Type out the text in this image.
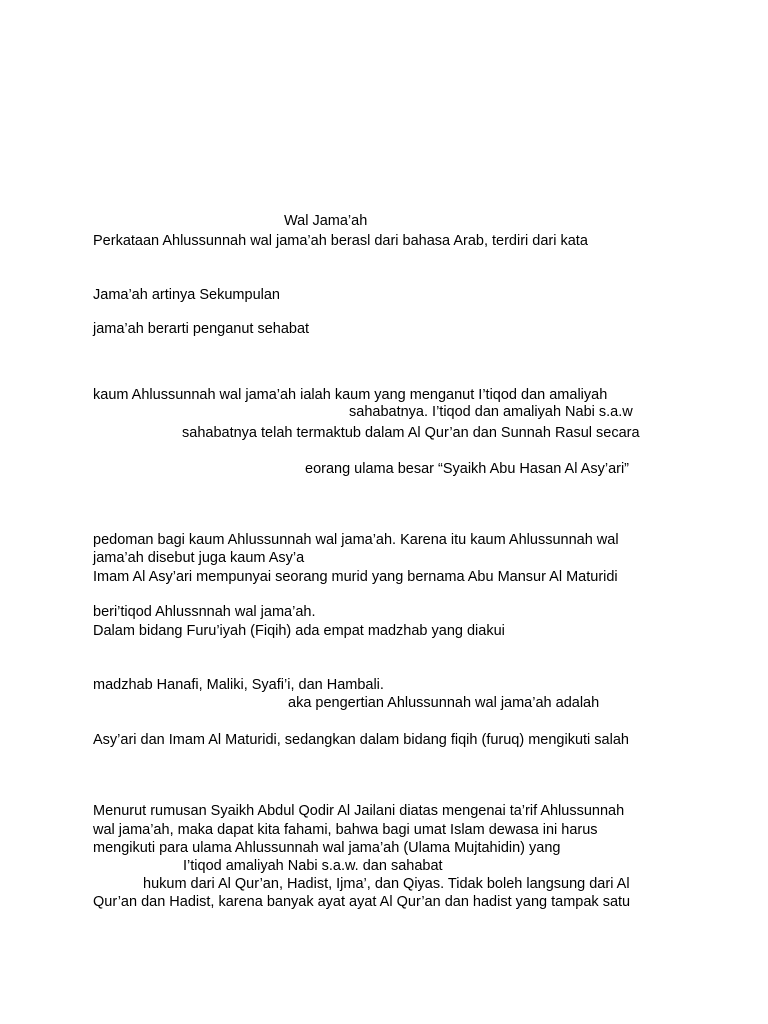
Wal Jama’ah
Perkataan Ahlussunnah wal jama’ah berasl dari bahasa Arab, terdiri dari kata
Jama’ah artinya Sekumpulan
jama’ah berarti penganut sehabat
kaum Ahlussunnah wal jama’ah ialah kaum yang menganut I’tiqod dan amaliyah
sahabatnya. I’tiqod dan amaliyah Nabi s.a.w
sahabatnya telah termaktub dalam Al Qur’an dan Sunnah Rasul secara
eorang ulama besar “Syaikh Abu Hasan Al Asy’ari”
pedoman bagi kaum Ahlussunnah wal jama’ah. Karena itu kaum Ahlussunnah wal
jama’ah disebut juga kaum Asy’a
Imam Al Asy’ari mempunyai seorang murid yang bernama Abu Mansur Al Maturidi
beri’tiqod Ahlussnnah wal jama’ah.
Dalam bidang Furu’iyah (Fiqih) ada empat madzhab yang diakui
madzhab Hanafi, Maliki, Syafi’i, dan Hambali.
aka pengertian Ahlussunnah wal jama’ah adalah
Asy’ari dan Imam Al Maturidi, sedangkan dalam bidang fiqih (furuq) mengikuti salah
Menurut rumusan Syaikh Abdul Qodir Al Jailani diatas mengenai ta’rif Ahlussunnah
wal jama’ah, maka dapat kita fahami, bahwa bagi umat Islam dewasa ini harus
mengikuti para ulama Ahlussunnah wal jama’ah (Ulama Mujtahidin) yang
I’tiqod amaliyah Nabi s.a.w. dan sahabat
hukum dari Al Qur’an, Hadist, Ijma’, dan Qiyas. Tidak boleh langsung dari Al
Qur’an dan Hadist, karena banyak ayat ayat Al Qur’an dan hadist yang tampak satu
